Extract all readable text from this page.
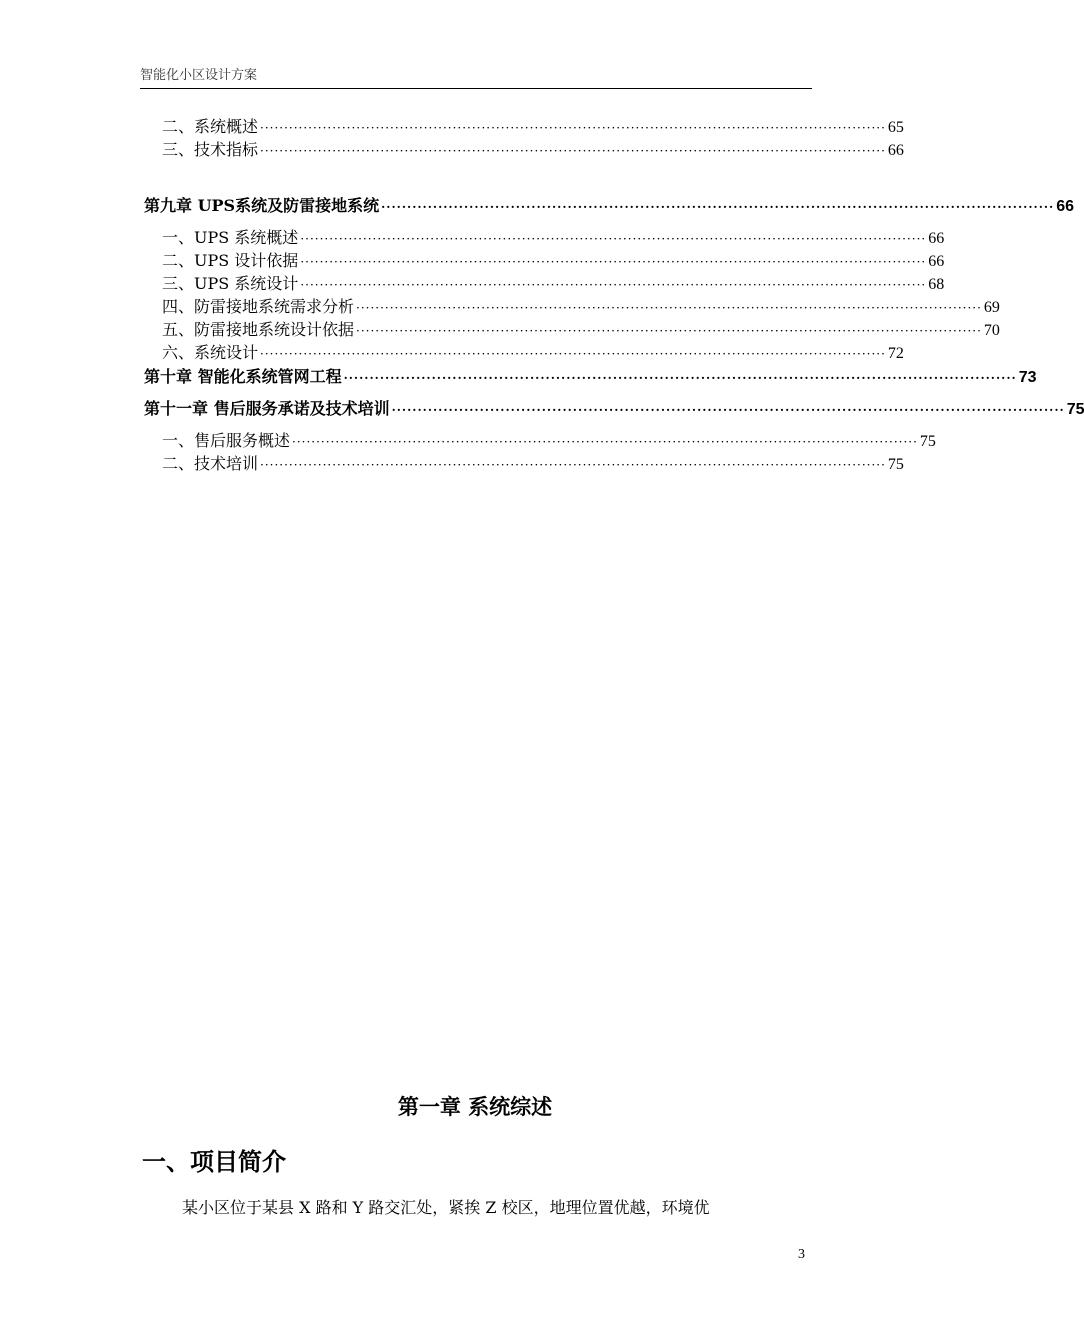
智能化小区设计方案
二、系统概述 ·································································································································· 65
三、技术指标 ·································································································································· 66
第九章 UPS系统及防雷接地系统 ·································································································································· 66
一、UPS 系统概述 ·································································································································· 66
二、UPS 设计依据 ·································································································································· 66
三、UPS 系统设计 ·································································································································· 68
四、防雷接地系统需求分析 ·································································································································· 69
五、防雷接地系统设计依据 ·································································································································· 70
六、系统设计 ·································································································································· 72
第十章 智能化系统管网工程 ·································································································································· 73
第十一章 售后服务承诺及技术培训 ·································································································································· 75
一、售后服务概述 ·································································································································· 75
二、技术培训 ·································································································································· 75
第一章 系统综述
一、项目简介
某小区位于某县 X 路和 Y 路交汇处，紧挨 Z 校区，地理位置优越，环境优
3
